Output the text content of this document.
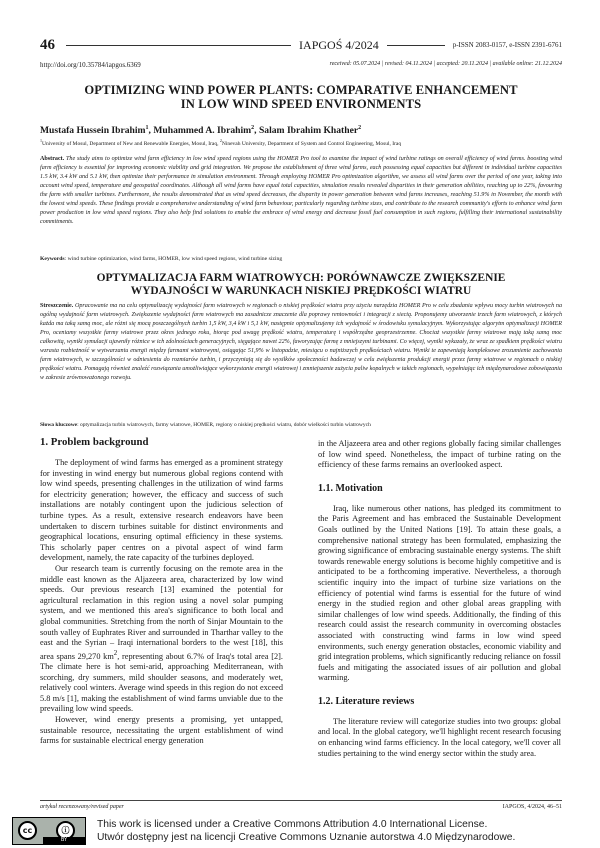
46	IAPGOŚ 4/2024	p-ISSN 2083-0157, e-ISSN 2391-6761
http://doi.org/10.35784/iapgos.6369	received: 05.07.2024 | revised: 04.11.2024 | accepted: 20.11.2024 | available online: 21.12.2024
OPTIMIZING WIND POWER PLANTS: COMPARATIVE ENHANCEMENT
IN LOW WIND SPEED ENVIRONMENTS
Mustafa Hussein Ibrahim$^1$, Muhammed A. Ibrahim$^2$, Salam Ibrahim Khather$^2$
$^1$University of Mosul, Department of New and Renewable Energies, Mosul, Iraq, $^2$Ninevah University, Department of System and Control Engineering, Mosul, Iraq
Abstract. The study aims to optimize wind farm efficiency in low wind speed regions using the HOMER Pro tool to examine the impact of wind turbine ratings on overall efficiency of wind farms. boosting wind farm efficiency is essential for improving economic viability and grid integration. We propose the establishment of three wind farms, each possessing equal capacities but different in individual turbine capacities 1.5 kW, 3.4 kW and 5.1 kW, then optimize their performance in simulation environment. Through employing HOMER Pro optimization algorithm, we assess all wind farms over the period of one year, taking into account wind speed, temperature and geospatial coordinates. Although all wind farms have equal total capacities, simulation results revealed disparities in their generation abilities, reaching up to 22%, favouring the farm with smaller turbines. Furthermore, the results demonstrated that as wind speed decreases, the disparity in power generation between wind farms increases, reaching 51.9% in November, the month with the lowest wind speeds. These findings provide a comprehensive understanding of wind farm behaviour, particularly regarding turbine sizes, and contribute to the research community's efforts to enhance wind farm power production in low wind speed regions. They also help find solutions to enable the embrace of wind energy and decrease fossil fuel consumption in such regions, fulfilling their international sustainability commitments.
Keywords: wind turbine optimization, wind farms, HOMER, low wind speed regions, wind turbine sizing
OPTYMALIZACJA FARM WIATROWYCH: PORÓWNAWCZE ZWIĘKSZENIE
WYDAJNOŚCI W WARUNKACH NISKIEJ PRĘDKOŚCI WIATRU
Streszczenie. Opracowanie ma na celu optymalizację wydajności farm wiatrowych w regionach o niskiej prędkości wiatru przy użyciu narzędzia HOMER Pro w celu zbadania wpływu mocy turbin wiatrowych na ogólną wydajność farm wiatrowych. Zwiększenie wydajności farm wiatrowych ma zasadnicze znaczenie dla poprawy rentowności i integracji z siecią. Proponujemy utworzenie trzech farm wiatrowych, z których każda ma taką samą moc, ale różni się mocą poszczególnych turbin 1,5 kW, 3,4 kW i 5,1 kW, następnie optymalizujemy ich wydajność w środowisku symulacyjnym. Wykorzystując algorytm optymalizacji HOMER Pro, oceniamy wszystkie farmy wiatrowe przez okres jednego roku, biorąc pod uwagę prędkość wiatru, temperaturę i współrzędne geoprzestrzenne. Chociaż wszystkie farmy wiatrowe mają taką samą moc całkowitą, wyniki symulacji ujawniły różnice w ich zdolnościach generacyjnych, sięgające nawet 22%, faworyzując farmę z mniejszymi turbinami. Co więcej, wyniki wykazały, że wraz ze spadkiem prędkości wiatru wzrasta rozbieżność w wytwarzaniu energii między farmami wiatrowymi, osiągając 51,9% w listopadzie, miesiącu o najniższych prędkościach wiatru. Wyniki te zapewniają kompleksowe zrozumienie zachowania farm wiatrowych, w szczególności w odniesieniu do rozmiarów turbin, i przyczyniają się do wysiłków społeczności badawczej w celu zwiększenia produkcji energii przez farmy wiatrowe w regionach o niskiej prędkości wiatru. Pomagają również znaleźć rozwiązania umożliwiające wykorzystanie energii wiatrowej i zmniejszenie zużycia paliw kopalnych w takich regionach, wypełniając ich międzynarodowe zobowiązania w zakresie zrównoważonego rozwoju.
Słowa kluczowe: optymalizacja turbin wiatrowych, farmy wiatrowe, HOMER, regiony o niskiej prędkości wiatru, dobór wielkości turbin wiatrowych
1. Problem background

The deployment of wind farms has emerged as a prominent strategy for investing in wind energy but numerous global regions contend with low wind speeds, presenting challenges in the utilization of wind farms for electricity generation; however, the efficacy and success of such installations are notably contingent upon the judicious selection of turbine types. As a result, extensive research endeavors have been undertaken to discern turbines suitable for distinct environments and geographical locations, ensuring optimal efficiency in these systems. This scholarly paper centres on a pivotal aspect of wind farm development, namely, the rate capacity of the turbines deployed.

Our research team is currently focusing on the remote area in the middle east known as the Aljazeera area, characterized by low wind speeds. Our previous research [13] examined the potential for agricultural reclamation in this region using a novel solar pumping system, and we mentioned this area's significance to both local and global communities. Stretching from the north of Sinjar Mountain to the south valley of Euphrates River and surrounded in Tharthar valley to the east and the Syrian – Iraqi international borders to the west [18], this area spans 29,270 $km^2$, representing about 6.7% of Iraq's total area [2]. The climate here is hot semi-arid, approaching Mediterranean, with scorching, dry summers, mild shoulder seasons, and moderately wet, relatively cool winters. Average wind speeds in this region do not exceed 5.8 m/s [1], making the establishment of wind farms unviable due to the prevailing low wind speeds.

However, wind energy presents a promising, yet untapped, sustainable resource, necessitating the urgent establishment of wind farms for sustainable electrical energy generation

in the Aljazeera area and other regions globally facing similar challenges of low wind speed. Nonetheless, the impact of turbine rating on the efficiency of these farms remains an overlooked aspect.

1.1. Motivation

Iraq, like numerous other nations, has pledged its commitment to the Paris Agreement and has embraced the Sustainable Development Goals outlined by the United Nations [19]. To attain these goals, a comprehensive national strategy has been formulated, emphasizing the growing significance of embracing sustainable energy systems. The shift towards renewable energy solutions is become highly competitive and is anticipated to be a forthcoming imperative. Nevertheless, a thorough scientific inquiry into the impact of turbine size variations on the efficiency of potential wind farms is essential for the future of wind energy in the studied region and other global areas grappling with similar challenges of low wind speeds. Additionally, the finding of this research could assist the research community in overcoming obstacles associated with constructing wind farms in low wind speed environments, such energy generation obstacles, economic viability and grid integration problems, which significantly reducing reliance on fossil fuels and mitigating the associated issues of air pollution and global warming.

1.2. Literature reviews

The literature review will categorize studies into two groups: global and local. In the global category, we'll highlight recent research focusing on enhancing wind farms efficiency. In the local category, we'll cover all studies pertaining to the wind energy sector within the study area.

artykuł recenzowany/revised paper	IAPGOS, 4/2024, 46–51
cc	ⓘ
BY
This work is licensed under a Creative Commons Attribution 4.0 International License.
Utwór dostępny jest na licencji Creative Commons Uznanie autorstwa 4.0 Międzynarodowe.
